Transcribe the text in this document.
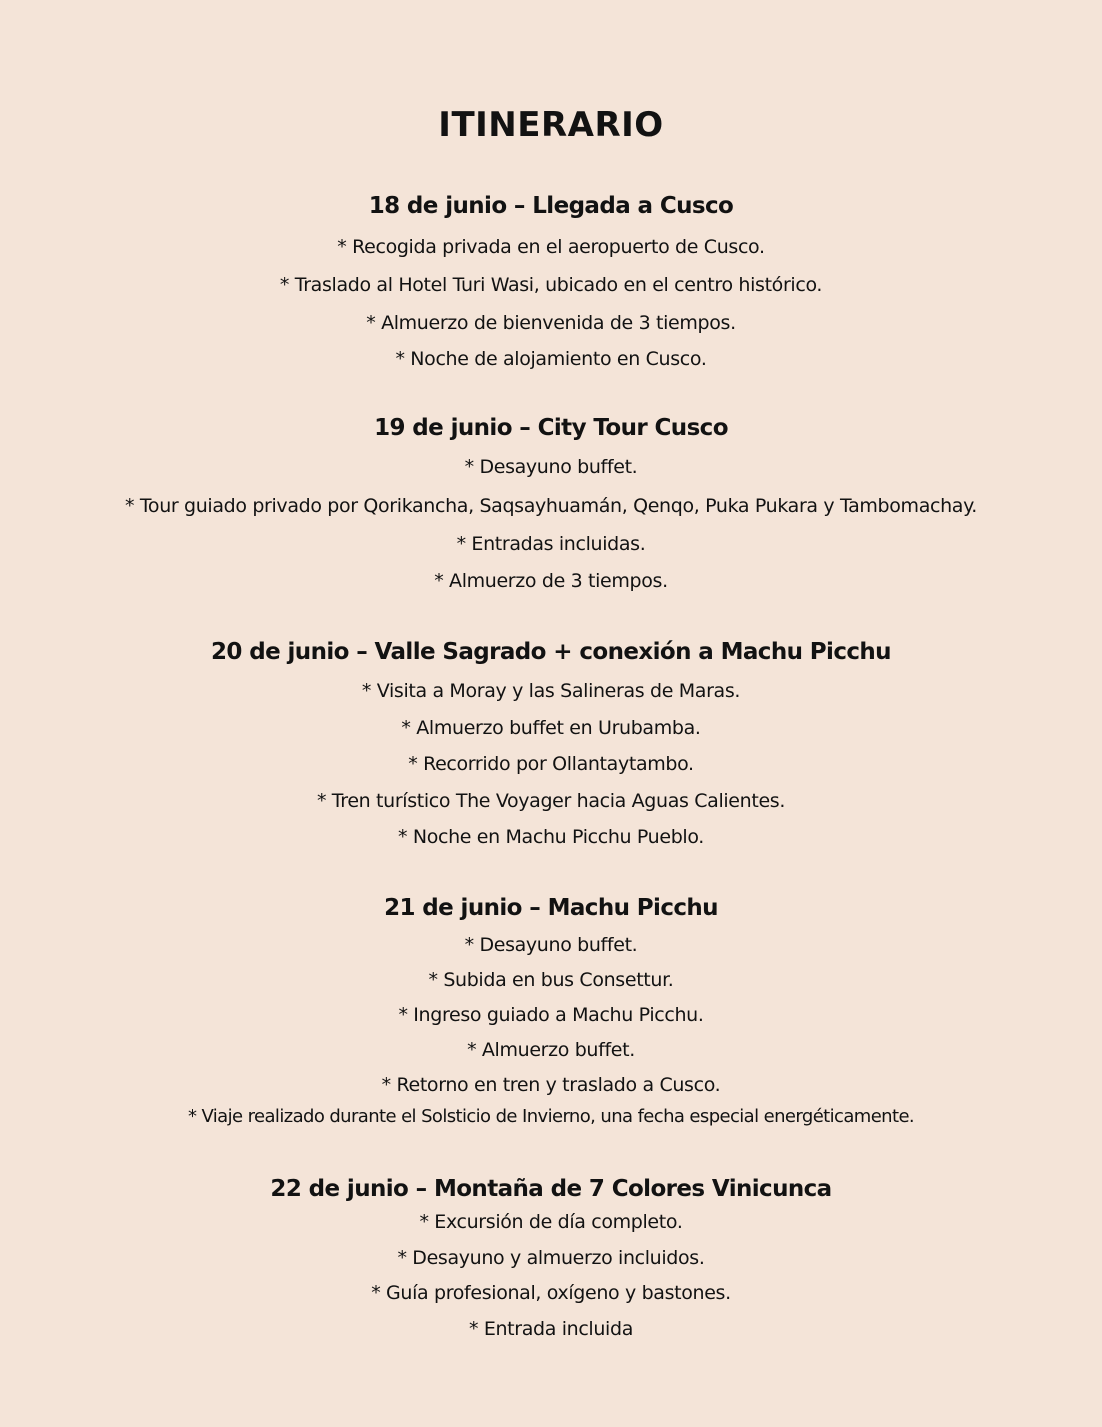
ITINERARIO
18 de junio – Llegada a Cusco
* Recogida privada en el aeropuerto de Cusco.
* Traslado al Hotel Turi Wasi, ubicado en el centro histórico.
* Almuerzo de bienvenida de 3 tiempos.
* Noche de alojamiento en Cusco.
19 de junio – City Tour Cusco
* Desayuno buffet.
* Tour guiado privado por Qorikancha, Saqsayhuamán, Qenqo, Puka Pukara y Tambomachay.
* Entradas incluidas.
* Almuerzo de 3 tiempos.
20 de junio – Valle Sagrado + conexión a Machu Picchu
* Visita a Moray y las Salineras de Maras.
* Almuerzo buffet en Urubamba.
* Recorrido por Ollantaytambo.
* Tren turístico The Voyager hacia Aguas Calientes.
* Noche en Machu Picchu Pueblo.
21 de junio – Machu Picchu
* Desayuno buffet.
* Subida en bus Consettur.
* Ingreso guiado a Machu Picchu.
* Almuerzo buffet.
* Retorno en tren y traslado a Cusco.
* Viaje realizado durante el Solsticio de Invierno, una fecha especial energéticamente.
22 de junio – Montaña de 7 Colores Vinicunca
* Excursión de día completo.
* Desayuno y almuerzo incluidos.
* Guía profesional, oxígeno y bastones.
* Entrada incluida
